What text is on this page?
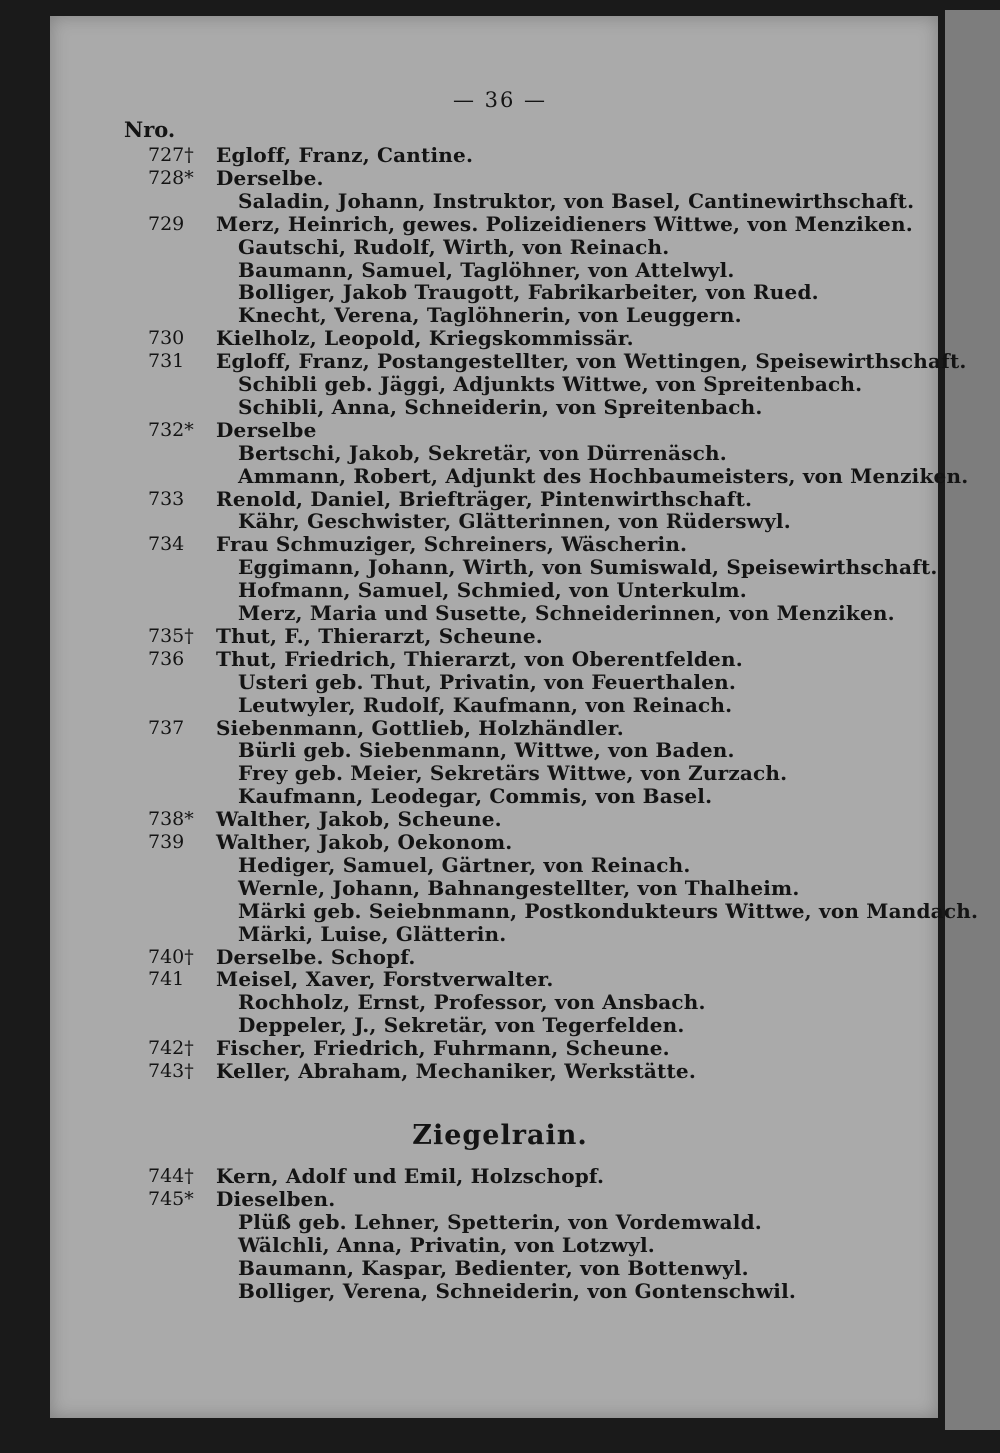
— 36 —
Nro.
727† Egloff, Franz, Cantine.
728* Derselbe.
Saladin, Johann, Instruktor, von Basel, Cantinewirthschaft.
729 Merz, Heinrich, gewes. Polizeidieners Wittwe, von Menziken.
Gautschi, Rudolf, Wirth, von Reinach.
Baumann, Samuel, Taglöhner, von Attelwyl.
Bolliger, Jakob Traugott, Fabrikarbeiter, von Rued.
Knecht, Verena, Taglöhnerin, von Leuggern.
730 Kielholz, Leopold, Kriegskommissär.
731 Egloff, Franz, Postangestellter, von Wettingen, Speisewirthschaft.
Schibli geb. Jäggi, Adjunkts Wittwe, von Spreitenbach.
Schibli, Anna, Schneiderin, von Spreitenbach.
732* Derselbe
Bertschi, Jakob, Sekretär, von Dürrenäsch.
Ammann, Robert, Adjunkt des Hochbaumeisters, von Menziken.
733 Renold, Daniel, Briefträger, Pintenwirthschaft.
Kähr, Geschwister, Glätterinnen, von Rüderswyl.
734 Frau Schmuziger, Schreiners, Wäscherin.
Eggimann, Johann, Wirth, von Sumiswald, Speisewirthschaft.
Hofmann, Samuel, Schmied, von Unterkulm.
Merz, Maria und Susette, Schneiderinnen, von Menziken.
735† Thut, F., Thierarzt, Scheune.
736 Thut, Friedrich, Thierarzt, von Oberentfelden.
Usteri geb. Thut, Privatin, von Feuerthalen.
Leutwyler, Rudolf, Kaufmann, von Reinach.
737 Siebenmann, Gottlieb, Holzhändler.
Bürli geb. Siebenmann, Wittwe, von Baden.
Frey geb. Meier, Sekretärs Wittwe, von Zurzach.
Kaufmann, Leodegar, Commis, von Basel.
738* Walther, Jakob, Scheune.
739 Walther, Jakob, Oekonom.
Hediger, Samuel, Gärtner, von Reinach.
Wernle, Johann, Bahnangestellter, von Thalheim.
Märki geb. Seiebnmann, Postkondukteurs Wittwe, von Mandach.
Märki, Luise, Glätterin.
740† Derselbe. Schopf.
741 Meisel, Xaver, Forstverwalter.
Rochholz, Ernst, Professor, von Ansbach.
Deppeler, J., Sekretär, von Tegerfelden.
742† Fischer, Friedrich, Fuhrmann, Scheune.
743† Keller, Abraham, Mechaniker, Werkstätte.
Ziegelrain.
744† Kern, Adolf und Emil, Holzschopf.
745* Dieselben.
Plüß geb. Lehner, Spetterin, von Vordemwald.
Wälchli, Anna, Privatin, von Lotzwyl.
Baumann, Kaspar, Bedienter, von Bottenwyl.
Bolliger, Verena, Schneiderin, von Gontenschwil.
